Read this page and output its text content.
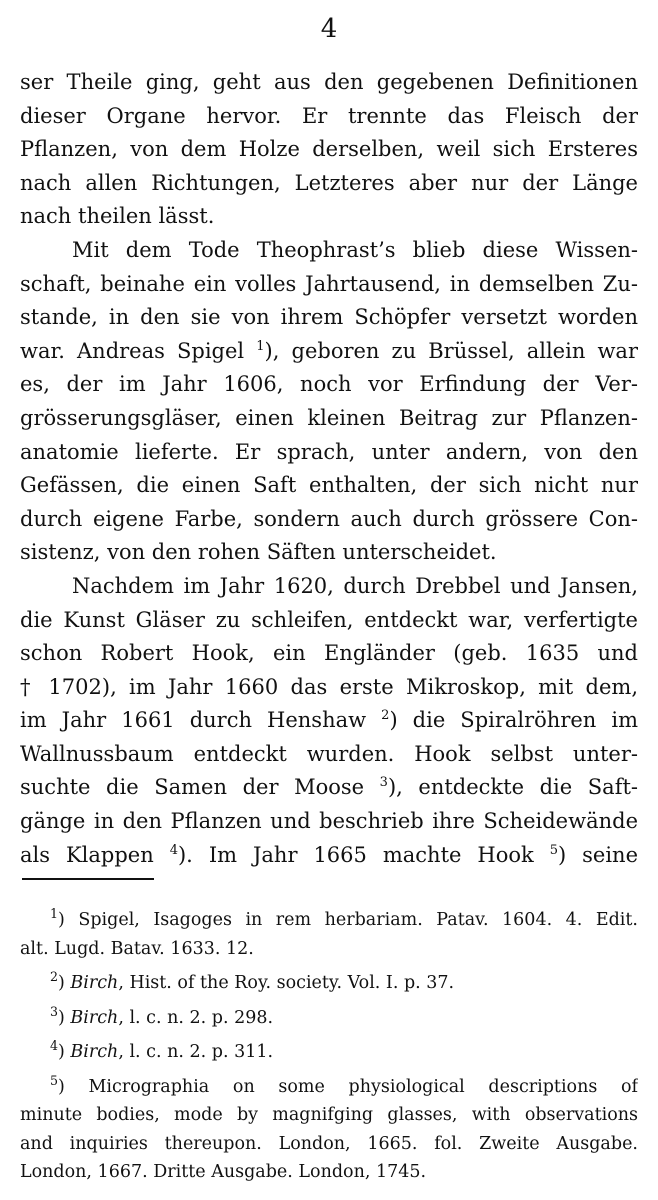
4
ser Theile ging, geht aus den gegebenen Definitionen
dieser Organe hervor. Er trennte das Fleisch der
Pflanzen, von dem Holze derselben, weil sich Ersteres
nach allen Richtungen, Letzteres aber nur der Länge
nach theilen lässt.
Mit dem Tode Theophrast’s blieb diese Wissen-
schaft, beinahe ein volles Jahrtausend, in demselben Zu-
stande, in den sie von ihrem Schöpfer versetzt worden
war. Andreas Spigel $^1$), geboren zu Brüssel, allein war
es, der im Jahr 1606, noch vor Erfindung der Ver-
grösserungsgläser, einen kleinen Beitrag zur Pflanzen-
anatomie lieferte. Er sprach, unter andern, von den
Gefässen, die einen Saft enthalten, der sich nicht nur
durch eigene Farbe, sondern auch durch grössere Con-
sistenz, von den rohen Säften unterscheidet.
Nachdem im Jahr 1620, durch Drebbel und Jansen,
die Kunst Gläser zu schleifen, entdeckt war, verfertigte
schon Robert Hook, ein Engländer (geb. 1635 und
† 1702), im Jahr 1660 das erste Mikroskop, mit dem,
im Jahr 1661 durch Henshaw $^2$) die Spiralröhren im
Wallnussbaum entdeckt wurden. Hook selbst unter-
suchte die Samen der Moose $^3$), entdeckte die Saft-
gänge in den Pflanzen und beschrieb ihre Scheidewände
als Klappen $^4$). Im Jahr 1665 machte Hook $^5$) seine
$^1$) Spigel, Isagoges in rem herbariam. Patav. 1604. 4. Edit.
alt. Lugd. Batav. 1633. 12.
$^2$) Birch, Hist. of the Roy. society. Vol. I. p. 37.
$^3$) Birch, l. c. n. 2. p. 298.
$^4$) Birch, l. c. n. 2. p. 311.
$^5$) Micrographia on some physiological descriptions of
minute bodies, mode by magnifging glasses, with observations
and inquiries thereupon. London, 1665. fol. Zweite Ausgabe.
London, 1667. Dritte Ausgabe. London, 1745.
